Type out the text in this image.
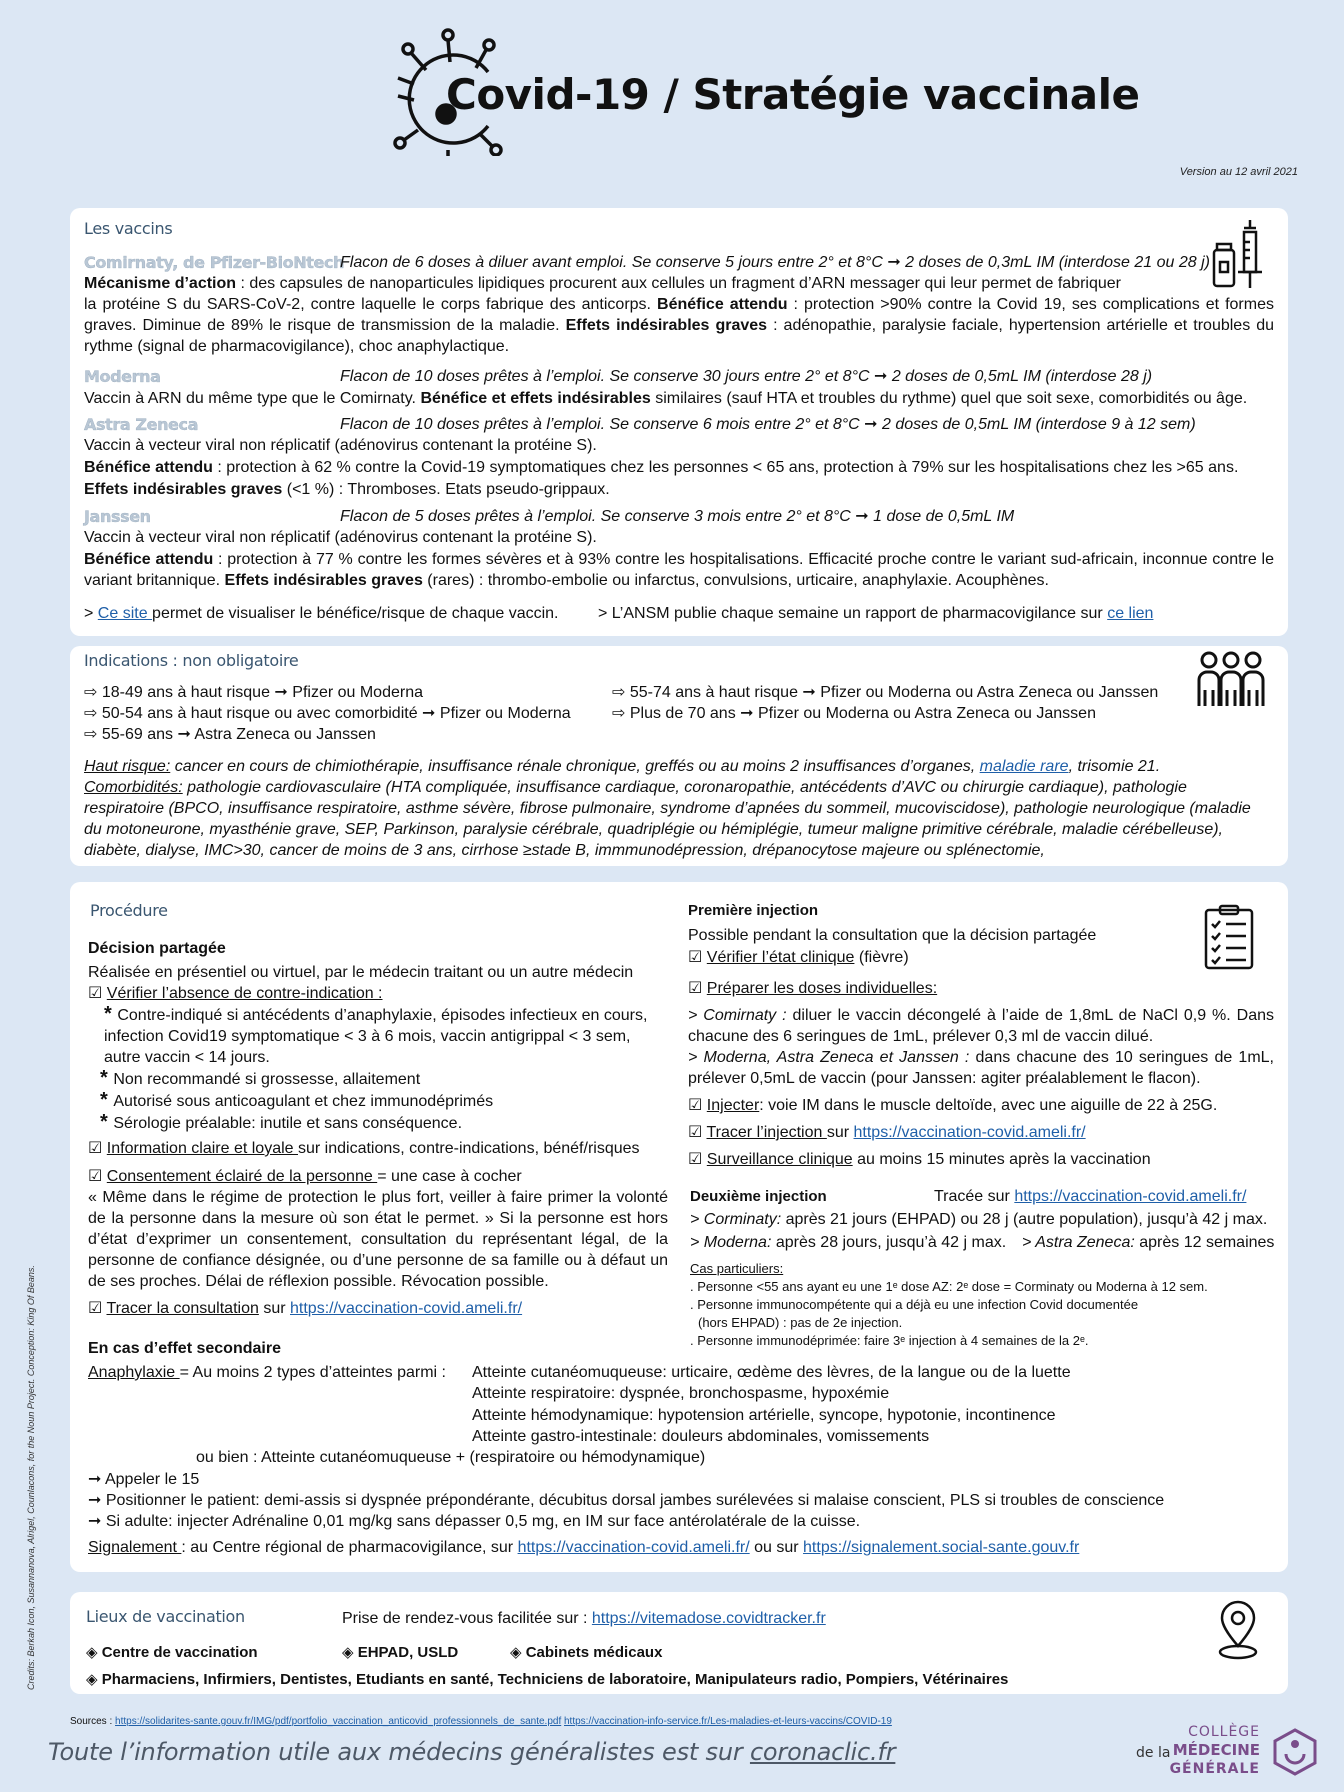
Covid-19 / Stratégie vaccinale
Version au 12 avril 2021
Les vaccins
Comirnaty, de Pfizer-BioNtech
Flacon de 6 doses à diluer avant emploi. Se conserve 5 jours entre 2° et 8°C ➞ 2 doses de 0,3mL IM (interdose 21 ou 28 j)
Mécanisme d’action : des capsules de nanoparticules lipidiques procurent aux cellules un fragment d’ARN messager qui leur permet de fabriquer
la protéine S du SARS-CoV-2, contre laquelle le corps fabrique des anticorps. Bénéfice attendu : protection >90% contre la Covid 19, ses complications et formes graves. Diminue de 89% le risque de transmission de la maladie. Effets indésirables graves : adénopathie, paralysie faciale, hypertension artérielle et troubles du rythme (signal de pharmacovigilance), choc anaphylactique.
Moderna	Flacon de 10 doses prêtes à l’emploi. Se conserve 30 jours entre 2° et 8°C ➞ 2 doses de 0,5mL IM (interdose 28 j)
Vaccin à ARN du même type que le Comirnaty. Bénéfice et effets indésirables similaires (sauf HTA et troubles du rythme) quel que soit sexe, comorbidités ou âge.
Astra Zeneca	Flacon de 10 doses prêtes à l’emploi. Se conserve 6 mois entre 2° et 8°C ➞ 2 doses de 0,5mL IM (interdose 9 à 12 sem)
Vaccin à vecteur viral non réplicatif (adénovirus contenant la protéine S).
Bénéfice attendu : protection à 62 % contre la Covid-19 symptomatiques chez les personnes < 65 ans, protection à 79% sur les hospitalisations chez les >65 ans.
Effets indésirables graves (<1 %) : Thromboses. Etats pseudo-grippaux.
Janssen	Flacon de 5 doses prêtes à l’emploi. Se conserve 3 mois entre 2° et 8°C ➞ 1 dose de 0,5mL IM
Vaccin à vecteur viral non réplicatif (adénovirus contenant la protéine S).
Bénéfice attendu : protection à 77 % contre les formes sévères et à 93% contre les hospitalisations. Efficacité proche contre le variant sud-africain, inconnue contre le variant britannique. Effets indésirables graves (rares) : thrombo-embolie ou infarctus, convulsions, urticaire, anaphylaxie. Acouphènes.
> Ce site permet de visualiser le bénéfice/risque de chaque vaccin. > L’ANSM publie chaque semaine un rapport de pharmacovigilance sur ce lien
Indications : non obligatoire
⇨ 18-49 ans à haut risque ➞ Pfizer ou Moderna
⇨ 50-54 ans à haut risque ou avec comorbidité ➞ Pfizer ou Moderna
⇨ 55-69 ans ➞ Astra Zeneca ou Janssen
⇨ 55-74 ans à haut risque ➞ Pfizer ou Moderna ou Astra Zeneca ou Janssen
⇨ Plus de 70 ans ➞ Pfizer ou Moderna ou Astra Zeneca ou Janssen
Haut risque: cancer en cours de chimiothérapie, insuffisance rénale chronique, greffés ou au moins 2 insuffisances d’organes, maladie rare, trisomie 21.
Comorbidités: pathologie cardiovasculaire (HTA compliquée, insuffisance cardiaque, coronaropathie, antécédents d’AVC ou chirurgie cardiaque), pathologie respiratoire (BPCO, insuffisance respiratoire, asthme sévère, fibrose pulmonaire, syndrome d’apnées du sommeil, mucoviscidose), pathologie neurologique (maladie du motoneurone, myasthénie grave, SEP, Parkinson, paralysie cérébrale, quadriplégie ou hémiplégie, tumeur maligne primitive cérébrale, maladie cérébelleuse), diabète, dialyse, IMC>30, cancer de moins de 3 ans, cirrhose ≥stade B, immmunodépression, drépanocytose majeure ou splénectomie,
Procédure
Décision partagée
Réalisée en présentiel ou virtuel, par le médecin traitant ou un autre médecin
☑ Vérifier l’absence de contre-indication :
* Contre-indiqué si antécédents d’anaphylaxie, épisodes infectieux en cours,
infection Covid19 symptomatique < 3 à 6 mois, vaccin antigrippal < 3 sem,
autre vaccin < 14 jours.
* Non recommandé si grossesse, allaitement
* Autorisé sous anticoagulant et chez immunodéprimés
* Sérologie préalable: inutile et sans conséquence.
☑ Information claire et loyale sur indications, contre-indications, bénéf/risques
☑ Consentement éclairé de la personne = une case à cocher
« Même dans le régime de protection le plus fort, veiller à faire primer la volonté de la personne dans la mesure où son état le permet. » Si la personne est hors d’état d’exprimer un consentement, consultation du représentant légal, de la personne de confiance désignée, ou d’une personne de sa famille ou à défaut un de ses proches. Délai de réflexion possible. Révocation possible.
☑ Tracer la consultation sur https://vaccination-covid.ameli.fr/
En cas d’effet secondaire
Anaphylaxie = Au moins 2 types d’atteintes parmi : Atteinte cutanéomuqueuse: urticaire, œdème des lèvres, de la langue ou de la luette
Atteinte respiratoire: dyspnée, bronchospasme, hypoxémie
Atteinte hémodynamique: hypotension artérielle, syncope, hypotonie, incontinence
Atteinte gastro-intestinale: douleurs abdominales, vomissements
ou bien : Atteinte cutanéomuqueuse + (respiratoire ou hémodynamique)
➞ Appeler le 15
➞ Positionner le patient: demi-assis si dyspnée prépondérante, décubitus dorsal jambes surélevées si malaise conscient, PLS si troubles de conscience
➞ Si adulte: injecter Adrénaline 0,01 mg/kg sans dépasser 0,5 mg, en IM sur face antérolatérale de la cuisse.
Signalement : au Centre régional de pharmacovigilance, sur https://vaccination-covid.ameli.fr/ ou sur https://signalement.social-sante.gouv.fr
Première injection
Possible pendant la consultation que la décision partagée
☑ Vérifier l’état clinique (fièvre)
☑ Préparer les doses individuelles:
> Comirnaty : diluer le vaccin décongelé à l’aide de 1,8mL de NaCl 0,9 %. Dans chacune des 6 seringues de 1mL, prélever 0,3 ml de vaccin dilué.
> Moderna, Astra Zeneca et Janssen : dans chacune des 10 seringues de 1mL, prélever 0,5mL de vaccin (pour Janssen: agiter préalablement le flacon).
☑ Injecter: voie IM dans le muscle deltoïde, avec une aiguille de 22 à 25G.
☑ Tracer l’injection sur https://vaccination-covid.ameli.fr/
☑ Surveillance clinique au moins 15 minutes après la vaccination
Deuxième injection	Tracée sur https://vaccination-covid.ameli.fr/
> Corminaty: après 21 jours (EHPAD) ou 28 j (autre population), jusqu’à 42 j max.
> Moderna: après 28 jours, jusqu’à 42 j max. > Astra Zeneca: après 12 semaines
Cas particuliers:
. Personne <55 ans ayant eu une 1ᵉ dose AZ: 2ᵉ dose = Corminaty ou Moderna à 12 sem.
. Personne immunocompétente qui a déjà eu une infection Covid documentée
(hors EHPAD) : pas de 2e injection.
. Personne immunodéprimée: faire 3ᵉ injection à 4 semaines de la 2ᵉ.
Lieux de vaccination	Prise de rendez-vous facilitée sur : https://vitemadose.covidtracker.fr
◈ Centre de vaccination	◈ EHPAD, USLD	◈ Cabinets médicaux
◈ Pharmaciens, Infirmiers, Dentistes, Etudiants en santé, Techniciens de laboratoire, Manipulateurs radio, Pompiers, Vétérinaires
Sources : https://solidarites-sante.gouv.fr/IMG/pdf/portfolio_vaccination_anticovid_professionnels_de_sante.pdf https://vaccination-info-service.fr/Les-maladies-et-leurs-vaccins/COVID-19
Toute l’information utile aux médecins généralistes est sur coronaclic.fr
Credits: Berkah Icon, Susannanova, Alrigel, Counlacons, for the Noun Project. Conception: King Of Beans.
COLLÈGE
de la MÉDECINE
GÉNÉRALE
